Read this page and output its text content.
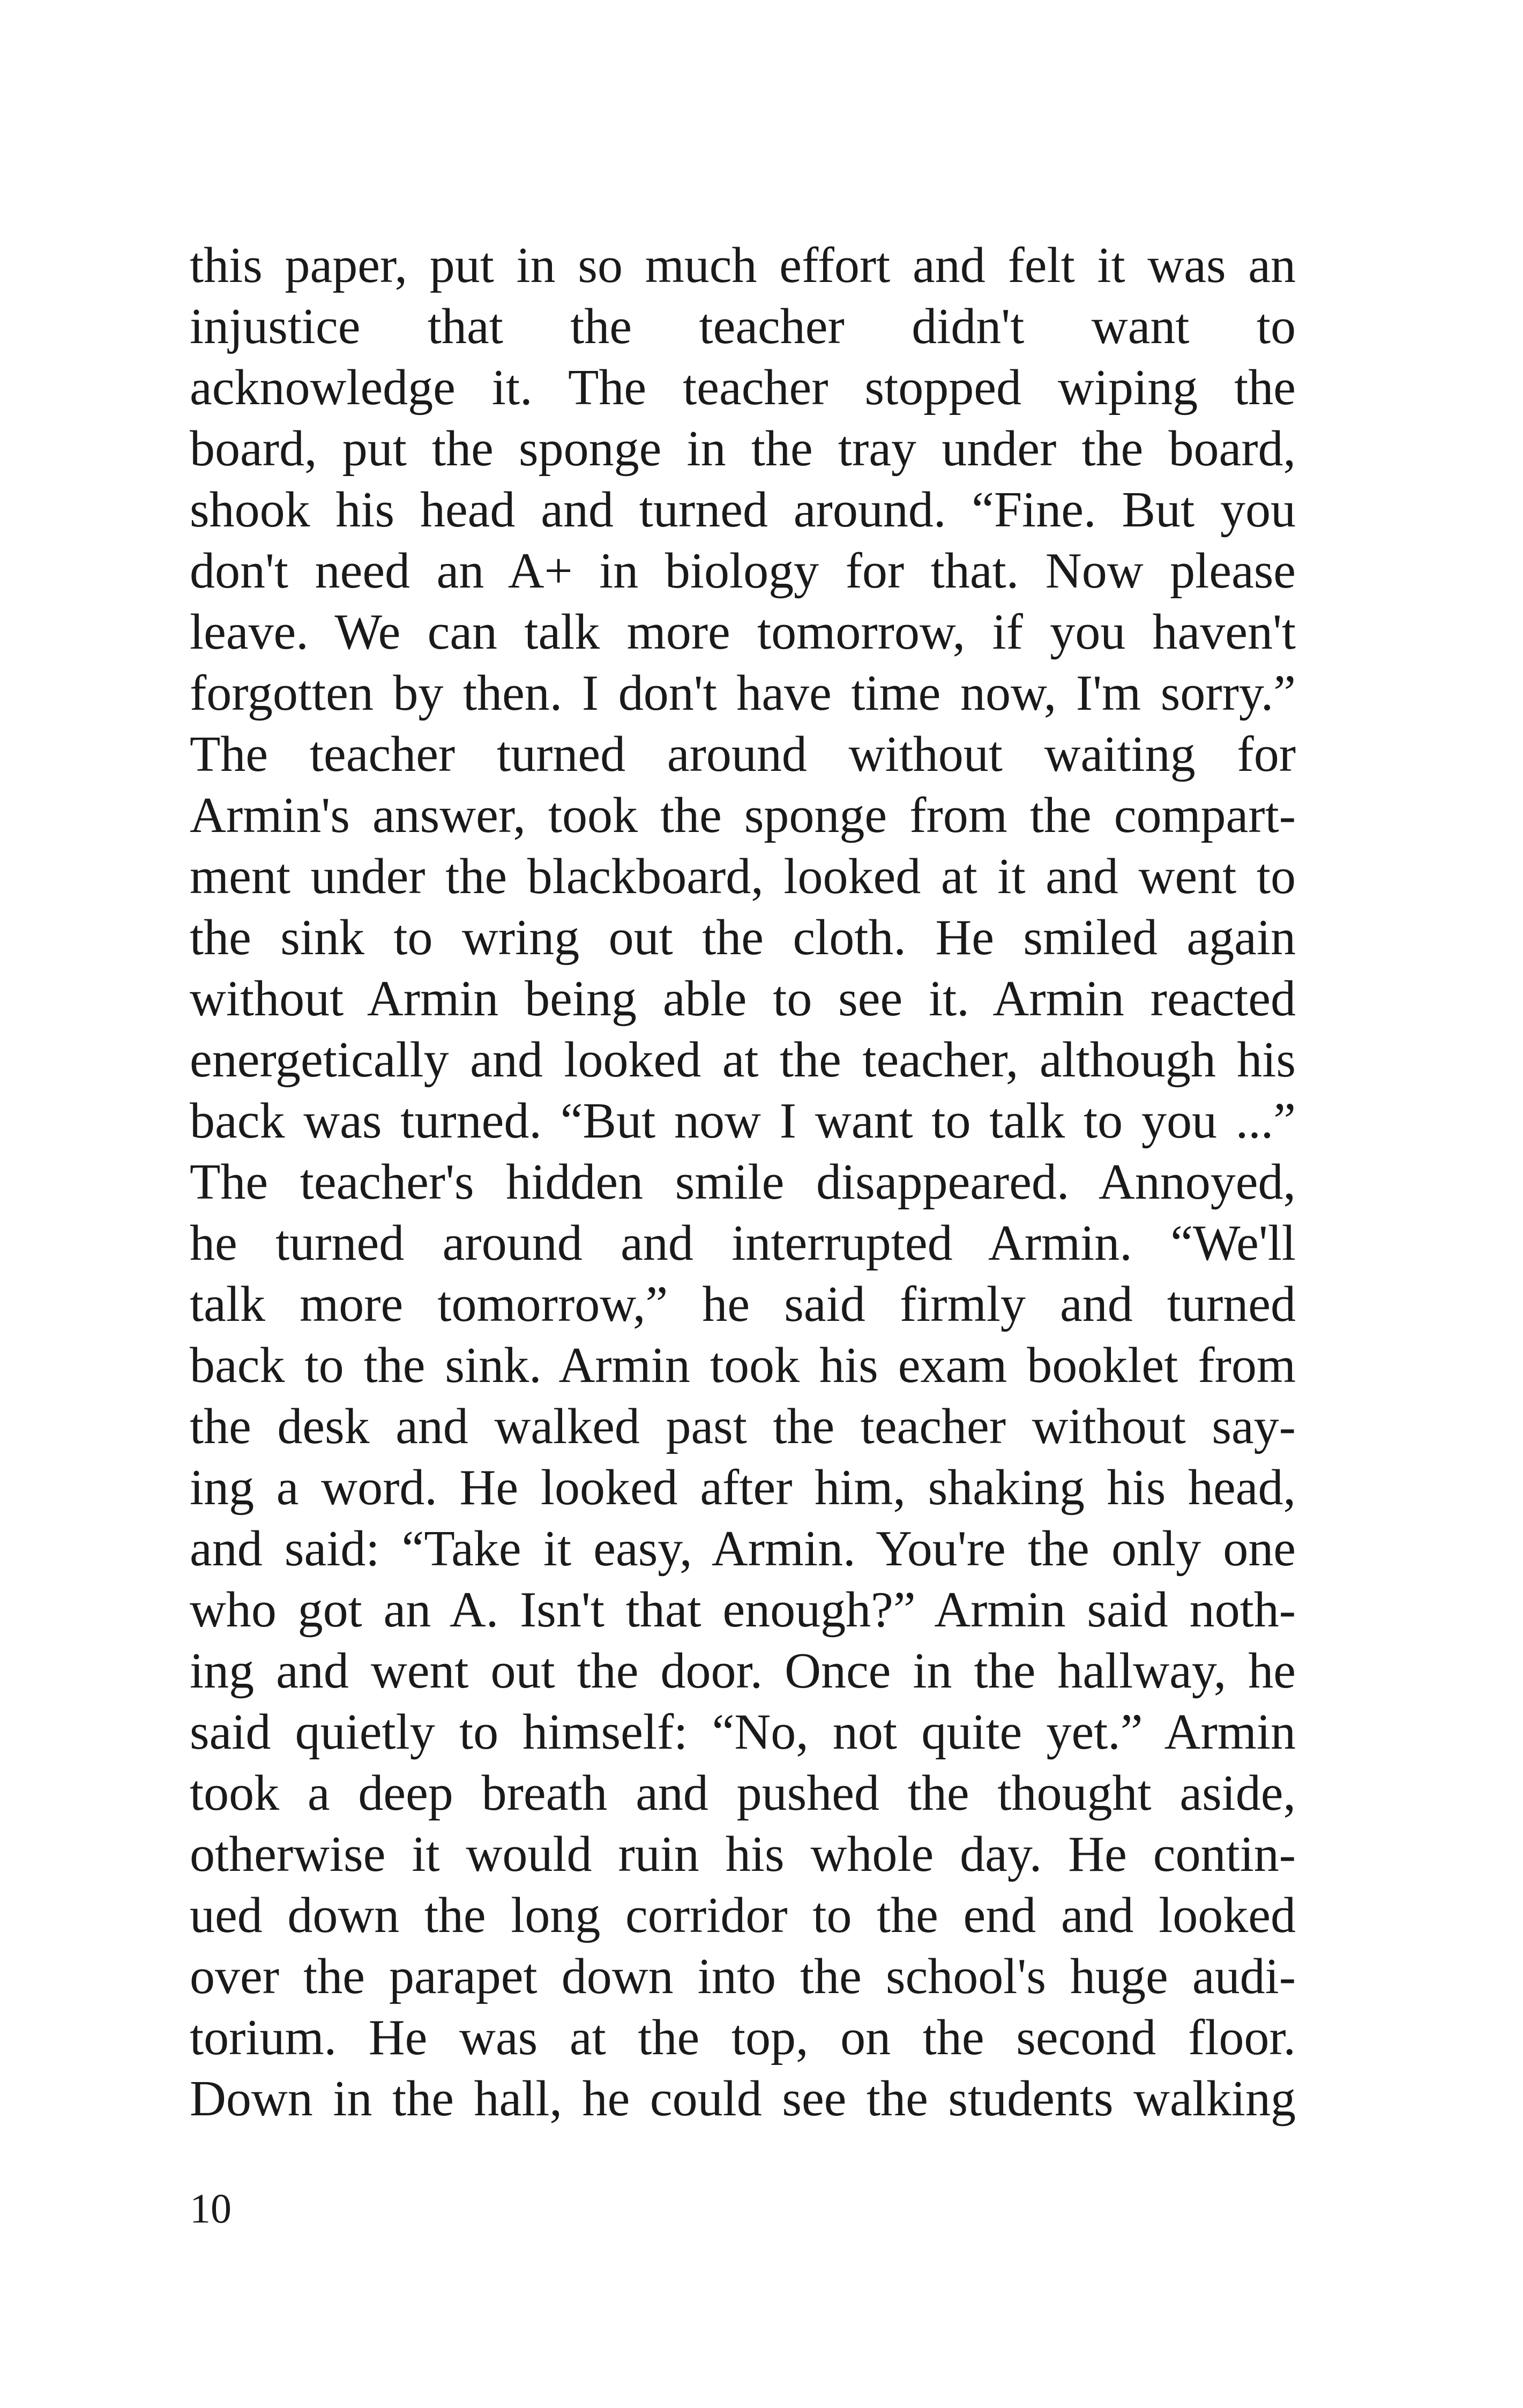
this paper, put in so much effort and felt it was an
injustice that the teacher didn't want to
acknowledge it. The teacher stopped wiping the
board, put the sponge in the tray under the board,
shook his head and turned around. “Fine. But you
don't need an A+ in biology for that. Now please
leave. We can talk more tomorrow, if you haven't
forgotten by then. I don't have time now, I'm sorry.”
The teacher turned around without waiting for
Armin's answer, took the sponge from the compart-
ment under the blackboard, looked at it and went to
the sink to wring out the cloth. He smiled again
without Armin being able to see it. Armin reacted
energetically and looked at the teacher, although his
back was turned. “But now I want to talk to you ...”
The teacher's hidden smile disappeared. Annoyed,
he turned around and interrupted Armin. “We'll
talk more tomorrow,” he said firmly and turned
back to the sink. Armin took his exam booklet from
the desk and walked past the teacher without say-
ing a word. He looked after him, shaking his head,
and said: “Take it easy, Armin. You're the only one
who got an A. Isn't that enough?” Armin said noth-
ing and went out the door. Once in the hallway, he
said quietly to himself: “No, not quite yet.” Armin
took a deep breath and pushed the thought aside,
otherwise it would ruin his whole day. He contin-
ued down the long corridor to the end and looked
over the parapet down into the school's huge audi-
torium. He was at the top, on the second floor.
Down in the hall, he could see the students walking
10
